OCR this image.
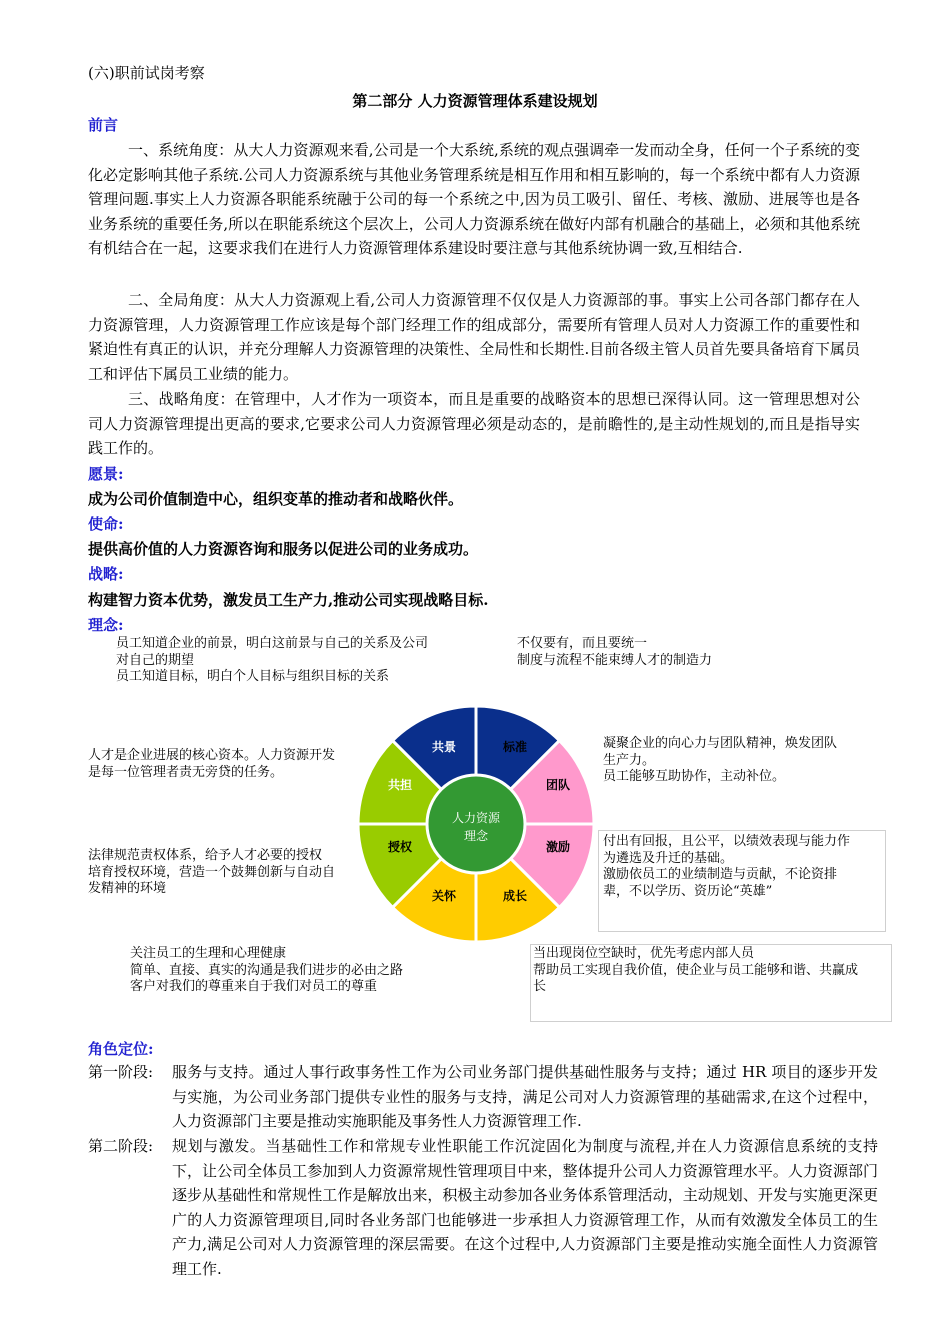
(六)职前试岗考察
第二部分 人力资源管理体系建设规划
前言

一、系统角度：从大人力资源观来看,公司是一个大系统,系统的观点强调牵一发而动全身，任何一个子系统的变化必定影响其他子系统.公司人力资源系统与其他业务管理系统是相互作用和相互影响的，每一个系统中都有人力资源管理问题.事实上人力资源各职能系统融于公司的每一个系统之中,因为员工吸引、留任、考核、激励、进展等也是各业务系统的重要任务,所以在职能系统这个层次上，公司人力资源系统在做好内部有机融合的基础上，必须和其他系统有机结合在一起，这要求我们在进行人力资源管理体系建设时要注意与其他系统协调一致,互相结合.

二、全局角度：从大人力资源观上看,公司人力资源管理不仅仅是人力资源部的事。事实上公司各部门都存在人力资源管理，人力资源管理工作应该是每个部门经理工作的组成部分，需要所有管理人员对人力资源工作的重要性和紧迫性有真正的认识，并充分理解人力资源管理的决策性、全局性和长期性.目前各级主管人员首先要具备培育下属员工和评估下属员工业绩的能力。

三、战略角度：在管理中，人才作为一项资本，而且是重要的战略资本的思想已深得认同。这一管理思想对公司人力资源管理提出更高的要求,它要求公司人力资源管理必须是动态的，是前瞻性的,是主动性规划的,而且是指导实践工作的。

愿景:
成为公司价值制造中心，组织变革的推动者和战略伙伴。
使命:
提供高价值的人力资源咨询和服务以促进公司的业务成功。
战略:
构建智力资本优势，激发员工生产力,推动公司实现战略目标.
理念:
员工知道企业的前景，明白这前景与自己的关系及公司
对自己的期望
员工知道目标，明白个人目标与组织目标的关系
不仅要有，而且要统一
制度与流程不能束缚人才的制造力
人才是企业进展的核心资本。人力资源开发
是每一位管理者责无旁贷的任务。
凝聚企业的向心力与团队精神，焕发团队
生产力。
员工能够互助协作，主动补位。
法律规范责权体系，给予人才必要的授权
培育授权环境，营造一个鼓舞创新与自动自
发精神的环境
付出有回报，且公平，以绩效表现与能力作
为遴选及升迁的基础。
激励依员工的业绩制造与贡献，不论资排
辈，不以学历、资历论“英雄”
关注员工的生理和心理健康
简单、直接、真实的沟通是我们进步的必由之路
客户对我们的尊重来自于我们对员工的尊重
当出现岗位空缺时，优先考虑内部人员
帮助员工实现自我价值，使企业与员工能够和谐、共赢成
长
人力资源
理念
共景
共担
标准
团队
激励
成长
关怀
授权
角色定位:
第一阶段: 服务与支持。通过人事行政事务性工作为公司业务部门提供基础性服务与支持；通过 HR 项目的逐步开发与实施，为公司业务部门提供专业性的服务与支持，满足公司对人力资源管理的基础需求,在这个过程中，人力资源部门主要是推动实施职能及事务性人力资源管理工作.
第二阶段: 规划与激发。当基础性工作和常规专业性职能工作沉淀固化为制度与流程,并在人力资源信息系统的支持下，让公司全体员工参加到人力资源常规性管理项目中来，整体提升公司人力资源管理水平。人力资源部门逐步从基础性和常规性工作是解放出来，积极主动参加各业务体系管理活动，主动规划、开发与实施更深更广的人力资源管理项目,同时各业务部门也能够进一步承担人力资源管理工作，从而有效激发全体员工的生产力,满足公司对人力资源管理的深层需要。在这个过程中,人力资源部门主要是推动实施全面性人力资源管理工作.
